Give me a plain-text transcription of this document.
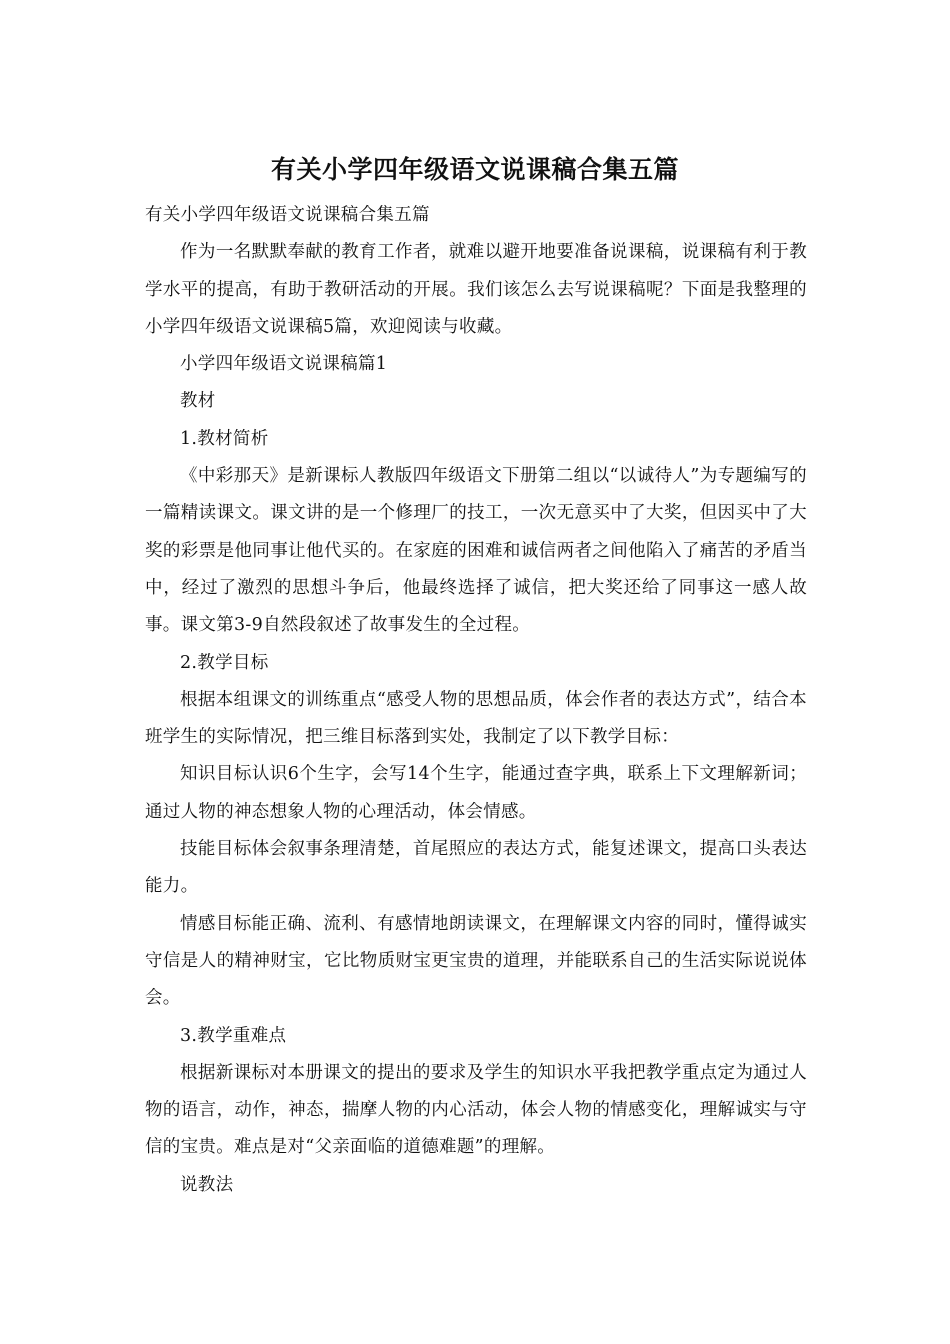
有关小学四年级语文说课稿合集五篇

有关小学四年级语文说课稿合集五篇

作为一名默默奉献的教育工作者，就难以避开地要准备说课稿，说课稿有利于教学水平的提高，有助于教研活动的开展。我们该怎么去写说课稿呢？下面是我整理的小学四年级语文说课稿5篇，欢迎阅读与收藏。

小学四年级语文说课稿篇1

教材

1.教材简析

《中彩那天》是新课标人教版四年级语文下册第二组以“以诚待人”为专题编写的一篇精读课文。课文讲的是一个修理厂的技工，一次无意买中了大奖，但因买中了大奖的彩票是他同事让他代买的。在家庭的困难和诚信两者之间他陷入了痛苦的矛盾当中，经过了激烈的思想斗争后，他最终选择了诚信，把大奖还给了同事这一感人故事。课文第3-9自然段叙述了故事发生的全过程。

2.教学目标

根据本组课文的训练重点“感受人物的思想品质，体会作者的表达方式”，结合本班学生的实际情况，把三维目标落到实处，我制定了以下教学目标：

知识目标认识6个生字，会写14个生字，能通过查字典，联系上下文理解新词；通过人物的神态想象人物的心理活动，体会情感。

技能目标体会叙事条理清楚，首尾照应的表达方式，能复述课文，提高口头表达能力。

情感目标能正确、流利、有感情地朗读课文，在理解课文内容的同时，懂得诚实守信是人的精神财宝，它比物质财宝更宝贵的道理，并能联系自己的生活实际说说体会。

3.教学重难点

根据新课标对本册课文的提出的要求及学生的知识水平我把教学重点定为通过人物的语言，动作，神态，揣摩人物的内心活动，体会人物的情感变化，理解诚实与守信的宝贵。难点是对“父亲面临的道德难题”的理解。

说教法
